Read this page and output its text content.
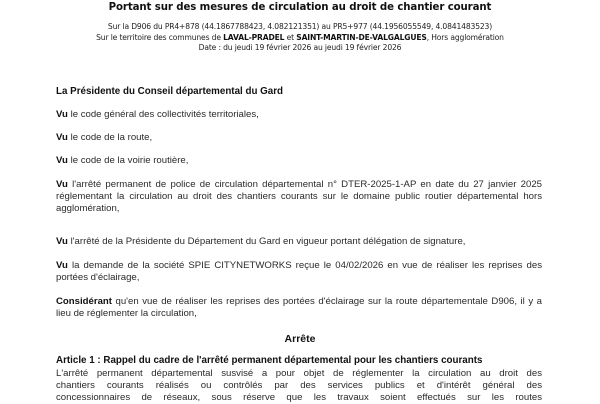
Portant sur des mesures de circulation au droit de chantier courant
Sur la D906 du PR4+878 (44.1867788423, 4.082121351) au PR5+977 (44.1956055549, 4.0841483523)
Sur le territoire des communes de LAVAL-PRADEL et SAINT-MARTIN-DE-VALGALGUES, Hors agglomération
Date : du jeudi 19 février 2026 au jeudi 19 février 2026
La Présidente du Conseil départemental du Gard
Vu le code général des collectivités territoriales,
Vu le code de la route,
Vu le code de la voirie routière,
Vu l'arrêté permanent de police de circulation départemental n° DTER-2025-1-AP en date du 27 janvier 2025 réglementant la circulation au droit des chantiers courants sur le domaine public routier départemental hors agglomération,
Vu l'arrêté de la Présidente du Département du Gard en vigueur portant délégation de signature,
Vu la demande de la société SPIE CITYNETWORKS reçue le 04/02/2026 en vue de réaliser les reprises des portées d'éclairage,
Considérant qu'en vue de réaliser les reprises des portées d'éclairage sur la route départementale D906, il y a lieu de réglementer la circulation,
Arrête
Article 1 : Rappel du cadre de l'arrêté permanent départemental pour les chantiers courants
L'arrêté permanent départemental susvisé a pour objet de réglementer la circulation au droit des
chantiers courants réalisés ou contrôlés par des services publics et d'intérêt général des
concessionnaires de réseaux, sous réserve que les travaux soient effectués sur les routes
